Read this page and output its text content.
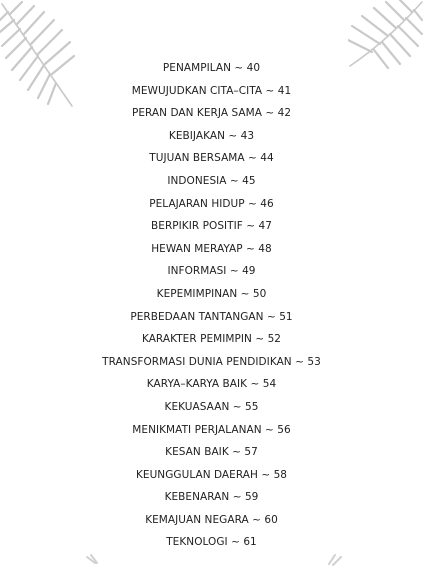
PENAMPILAN ~ 40
MEWUJUDKAN CITA–CITA ~ 41
PERAN DAN KERJA SAMA ~ 42
KEBIJAKAN ~ 43
TUJUAN BERSAMA ~ 44
INDONESIA ~ 45
PELAJARAN HIDUP ~ 46
BERPIKIR POSITIF ~ 47
HEWAN MERAYAP ~ 48
INFORMASI ~ 49
KEPEMIMPINAN ~ 50
PERBEDAAN TANTANGAN ~ 51
KARAKTER PEMIMPIN ~ 52
TRANSFORMASI DUNIA PENDIDIKAN ~ 53
KARYA–KARYA BAIK ~ 54
KEKUASAAN ~ 55
MENIKMATI PERJALANAN ~ 56
KESAN BAIK ~ 57
KEUNGGULAN DAERAH ~ 58
KEBENARAN ~ 59
KEMAJUAN NEGARA ~ 60
TEKNOLOGI ~ 61
